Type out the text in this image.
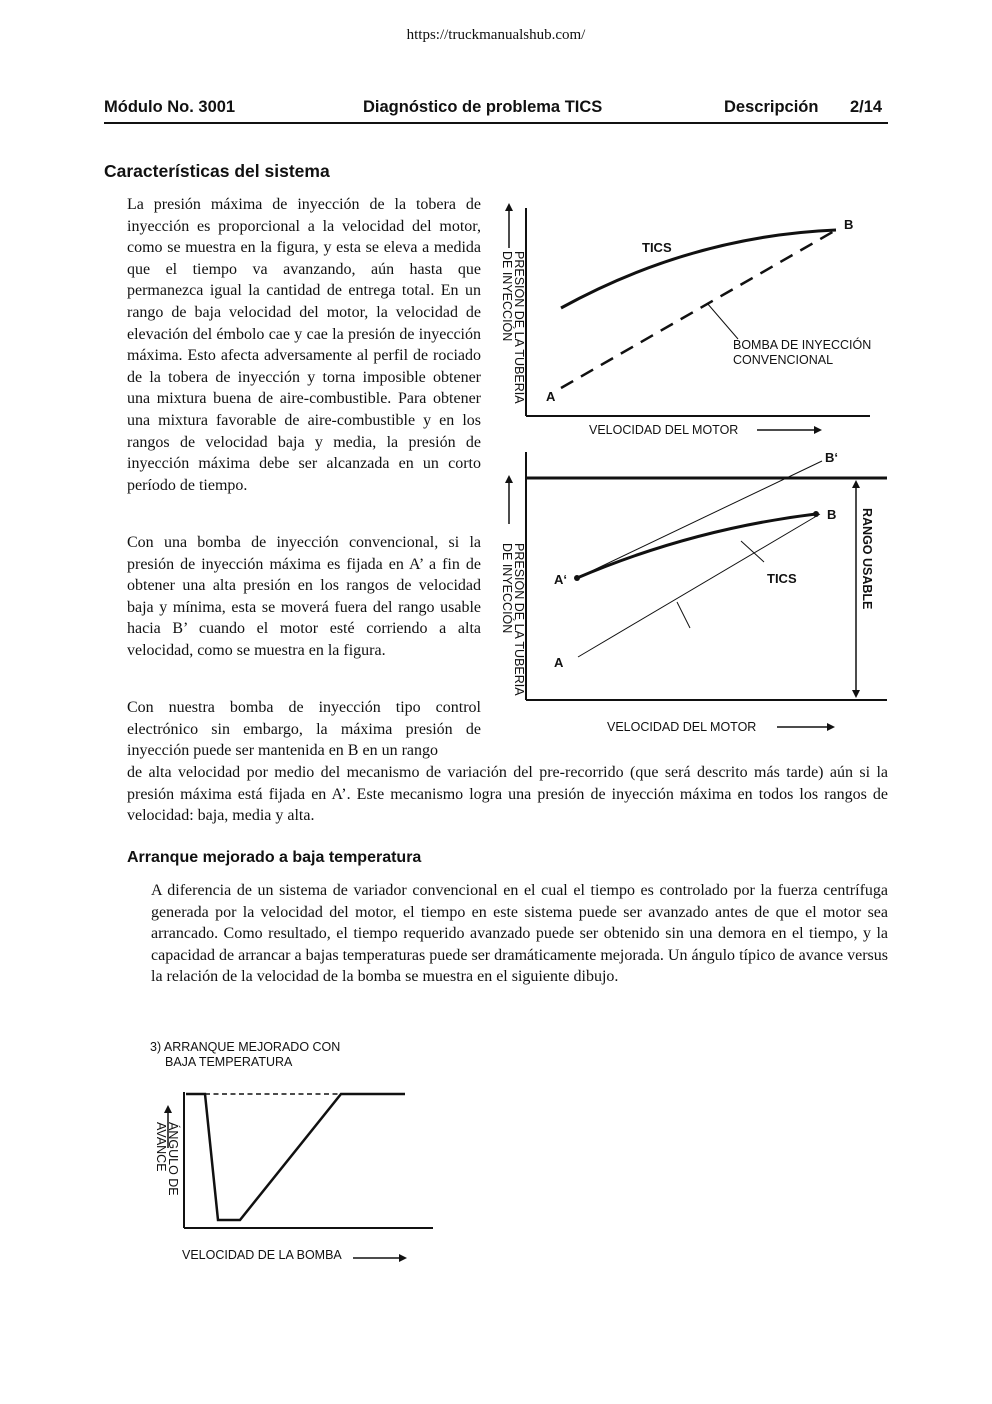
https://truckmanualshub.com/
Módulo No. 3001	Diagnóstico de problema TICS	Descripción 2/14
Características del sistema
La presión máxima de inyección de la tobera de inyección es proporcional a la velocidad del motor, como se muestra en la figura, y esta se eleva a medida que el tiempo va avanzando, aún hasta que permanezca igual la cantidad de entrega total. En un rango de baja velocidad del motor, la velocidad de elevación del émbolo cae y cae la presión de inyección máxima. Esto afecta adversamente al perfil de rociado de la tobera de inyección y torna imposible obtener una mixtura buena de aire-combustible. Para obtener una mixtura favorable de aire-combustible y en los rangos de velocidad baja y media, la presión de inyección máxima debe ser alcanzada en un corto período de tiempo.
Con una bomba de inyección convencional, si la presión de inyección máxima es fijada en A’ a fin de obtener una alta presión en los rangos de velocidad baja y mínima, esta se moverá fuera del rango usable hacia B’ cuando el motor esté corriendo a alta velocidad, como se muestra en la figura.
Con nuestra bomba de inyección tipo control electrónico sin embargo, la máxima presión de inyección puede ser mantenida en B en un rango
de alta velocidad por medio del mecanismo de variación del pre-recorrido (que será descrito más tarde) aún si la presión máxima está fijada en A’. Este mecanismo logra una presión de inyección máxima en todos los rangos de velocidad: baja, media y alta.
Arranque mejorado a baja temperatura
A diferencia de un sistema de variador convencional en el cual el tiempo es controlado por la fuerza centrífuga generada por la velocidad del motor, el tiempo en este sistema puede ser avanzado antes de que el motor sea arrancado. Como resultado, el tiempo requerido avanzado puede ser obtenido sin una demora en el tiempo, y la capacidad de arrancar a bajas temperaturas puede ser dramáticamente mejorada. Un ángulo típico de avance versus la relación de la velocidad de la bomba se muestra en el siguiente dibujo.
PRESIÓN DE LA TUBERÍA
DE INYECCIÓN
TICS
B
A
BOMBA DE INYECCIÓN
CONVENCIONAL
VELOCIDAD DEL MOTOR
PRESIÓN DE LA TUBERÍA
DE INYECCIÓN
B‘
B
A‘
A
TICS	RANGO USABLE
VELOCIDAD DEL MOTOR
3) ARRANQUE MEJORADO CON
BAJA TEMPERATURA
ÁNGULO DE
AVANCE
VELOCIDAD DE LA BOMBA
